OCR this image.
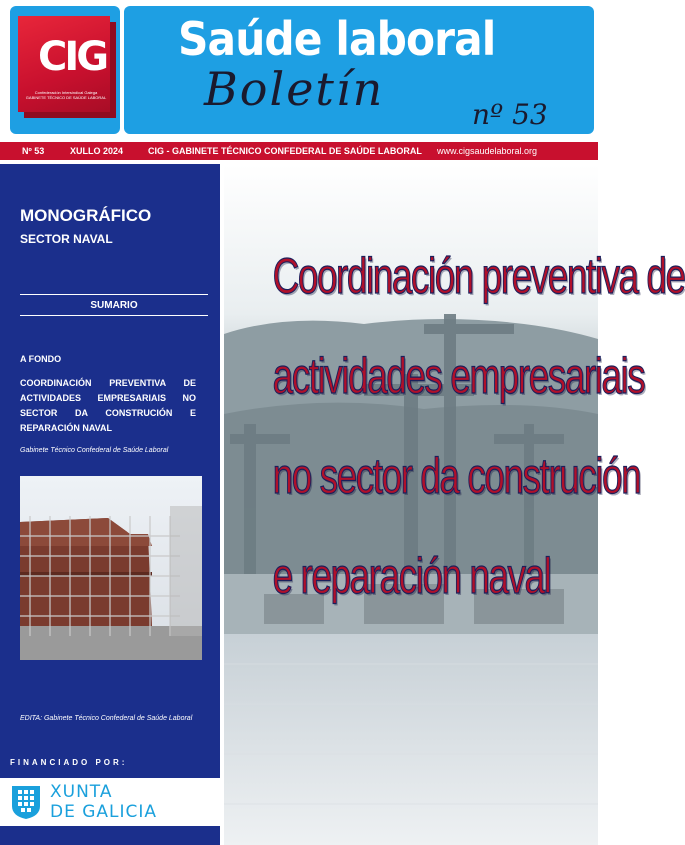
CIG
Confederación Intersindical Galega
GABINETE TÉCNICO DE SAÚDE LABORAL
Saúde laboral
Boletín	nº 53
Nº 53	XULLO 2024	CIG - GABINETE TÉCNICO CONFEDERAL DE SAÚDE LABORAL www.cigsaudelaboral.org
MONOGRÁFICO
SECTOR NAVAL
SUMARIO
A FONDO
COORDINACIÓN PREVENTIVA DE ACTIVIDADES EMPRESARIAIS NO SECTOR DA CONSTRUCIÓN E REPARACIÓN NAVAL
Gabinete Técnico Confederal de Saúde Laboral
EDITA: Gabinete Técnico Confederal de Saúde Laboral
FINANCIADO POR:
XUNTA
DE GALICIA
Coordinación preventiva de
actividades empresariais
no sector da construción
e reparación naval
